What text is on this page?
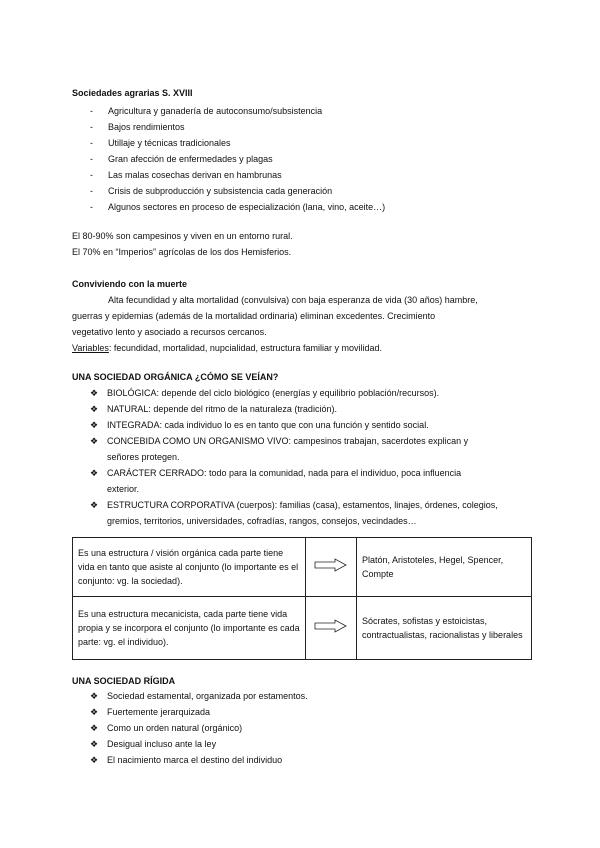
Sociedades agrarias S. XVIII
- Agricultura y ganadería de autoconsumo/subsistencia
- Bajos rendimientos
- Utillaje y técnicas tradicionales
- Gran afección de enfermedades y plagas
- Las malas cosechas derivan en hambrunas
- Crisis de subproducción y subsistencia cada generación
- Algunos sectores en proceso de especialización (lana, vino, aceite…)
El 80-90% son campesinos y viven en un entorno rural.
El 70% en “Imperios” agrícolas de los dos Hemisferios.
Conviviendo con la muerte
Alta fecundidad y alta mortalidad (convulsiva) con baja esperanza de vida (30 años) hambre,
guerras y epidemias (además de la mortalidad ordinaria) eliminan excedentes. Crecimiento
vegetativo lento y asociado a recursos cercanos.
Variables: fecundidad, mortalidad, nupcialidad, estructura familiar y movilidad.
UNA SOCIEDAD ORGÁNICA ¿CÓMO SE VEÍAN?
❖ BIOLÓGICA: depende del ciclo biológico (energías y equilibrio población/recursos).
❖ NATURAL: depende del ritmo de la naturaleza (tradición).
❖ INTEGRADA: cada individuo lo es en tanto que con una función y sentido social.
❖ CONCEBIDA COMO UN ORGANISMO VIVO: campesinos trabajan, sacerdotes explican y
señores protegen.
❖ CARÁCTER CERRADO: todo para la comunidad, nada para el individuo, poca influencia
exterior.
❖ ESTRUCTURA CORPORATIVA (cuerpos): familias (casa), estamentos, linajes, órdenes, colegios,
gremios, territorios, universidades, cofradías, rangos, consejos, vecindades…
Es una estructura / visión orgánica cada parte tiene vida en tanto que asiste al conjunto (lo importante es el conjunto: vg. la sociedad).		Platón, Aristoteles, Hegel, Spencer, Compte
Es una estructura mecanicista, cada parte tiene vida propia y se incorpora el conjunto (lo importante es cada parte: vg. el individuo).		Sócrates, sofistas y estoicistas, contractualistas, racionalistas y liberales
UNA SOCIEDAD RÍGIDA
❖ Sociedad estamental, organizada por estamentos.
❖ Fuertemente jerarquizada
❖ Como un orden natural (orgánico)
❖ Desigual incluso ante la ley
❖ El nacimiento marca el destino del individuo
